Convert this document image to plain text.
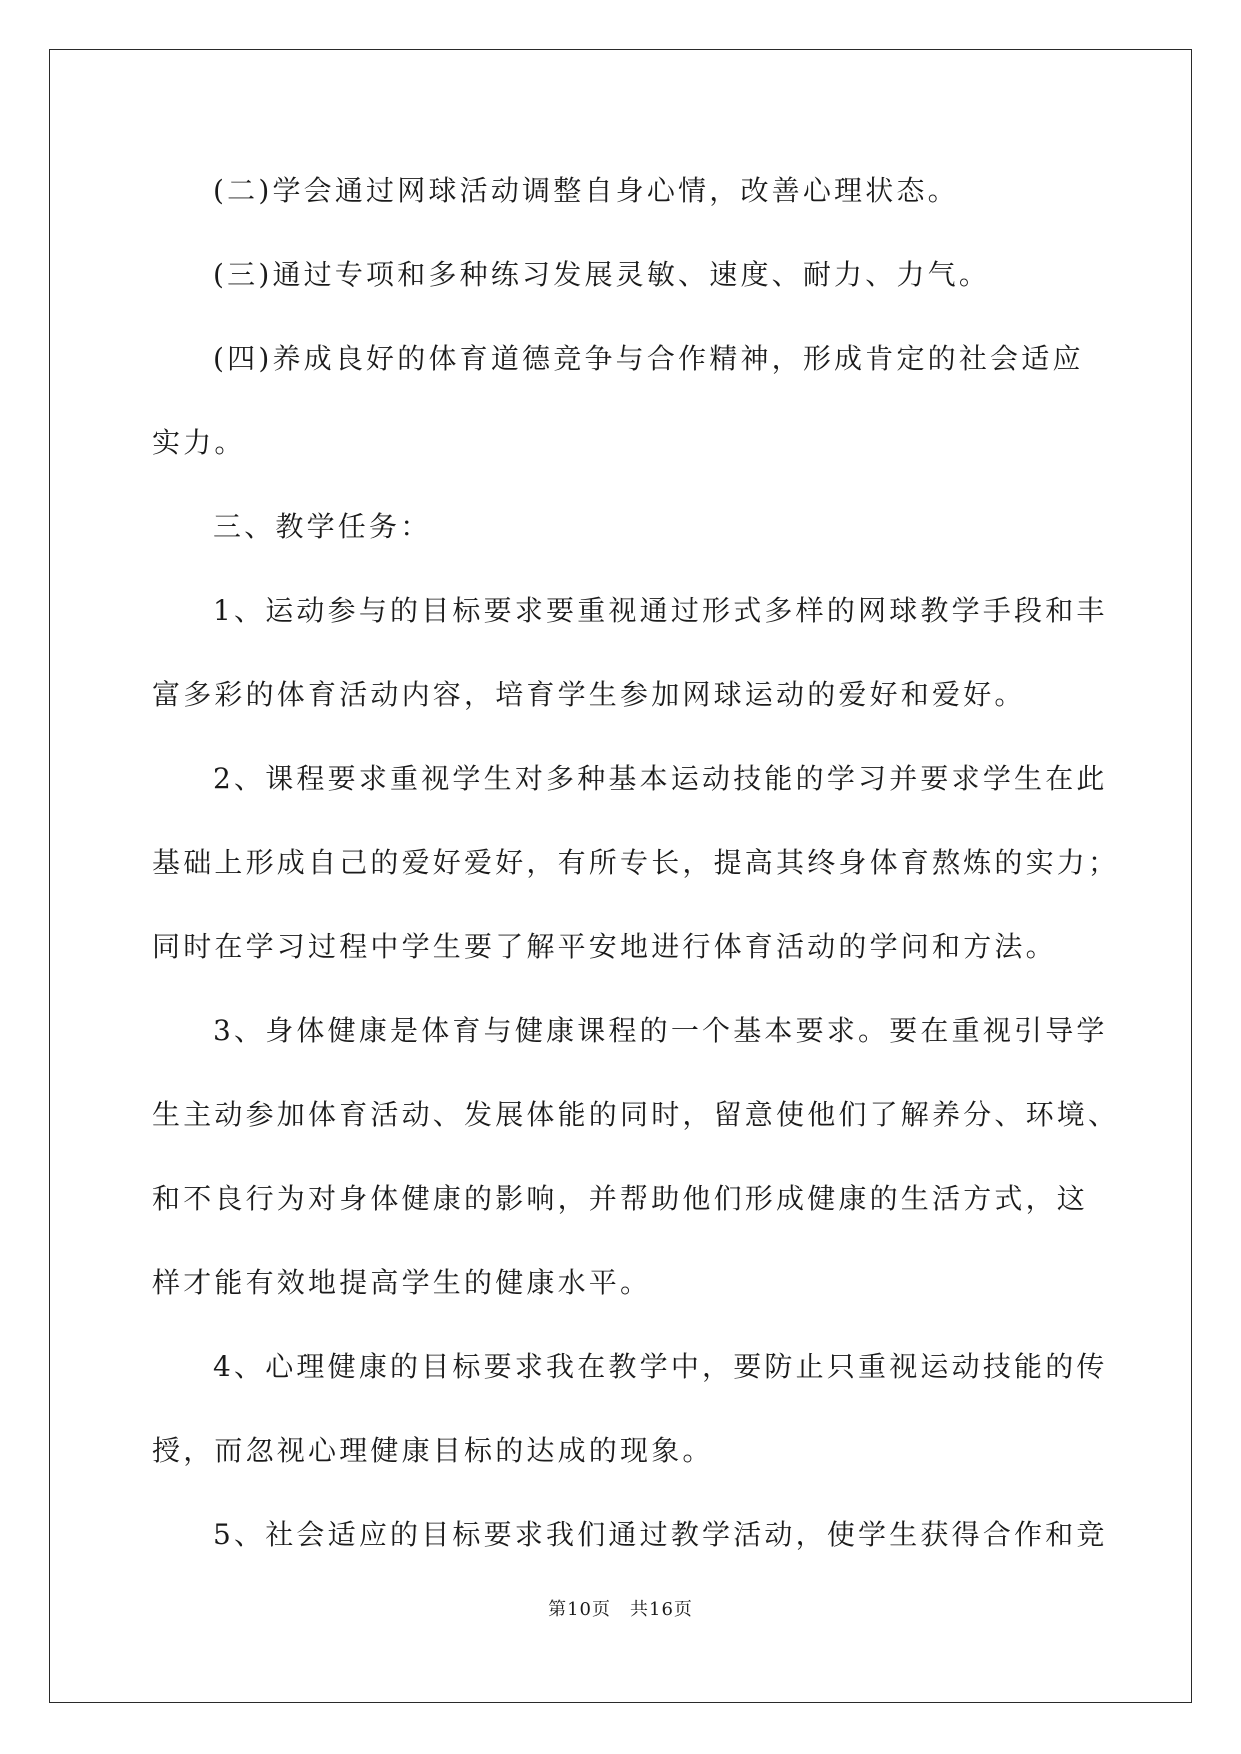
(二)学会通过网球活动调整自身心情，改善心理状态。
(三)通过专项和多种练习发展灵敏、速度、耐力、力气。
(四)养成良好的体育道德竞争与合作精神，形成肯定的社会适应
实力。
三、教学任务：
1、运动参与的目标要求要重视通过形式多样的网球教学手段和丰
富多彩的体育活动内容，培育学生参加网球运动的爱好和爱好。
2、课程要求重视学生对多种基本运动技能的学习并要求学生在此
基础上形成自己的爱好爱好，有所专长，提高其终身体育熬炼的实力；
同时在学习过程中学生要了解平安地进行体育活动的学问和方法。
3、身体健康是体育与健康课程的一个基本要求。要在重视引导学
生主动参加体育活动、发展体能的同时，留意使他们了解养分、环境、
和不良行为对身体健康的影响，并帮助他们形成健康的生活方式，这
样才能有效地提高学生的健康水平。
4、心理健康的目标要求我在教学中，要防止只重视运动技能的传
授，而忽视心理健康目标的达成的现象。
5、社会适应的目标要求我们通过教学活动，使学生获得合作和竞
第10页　共16页
